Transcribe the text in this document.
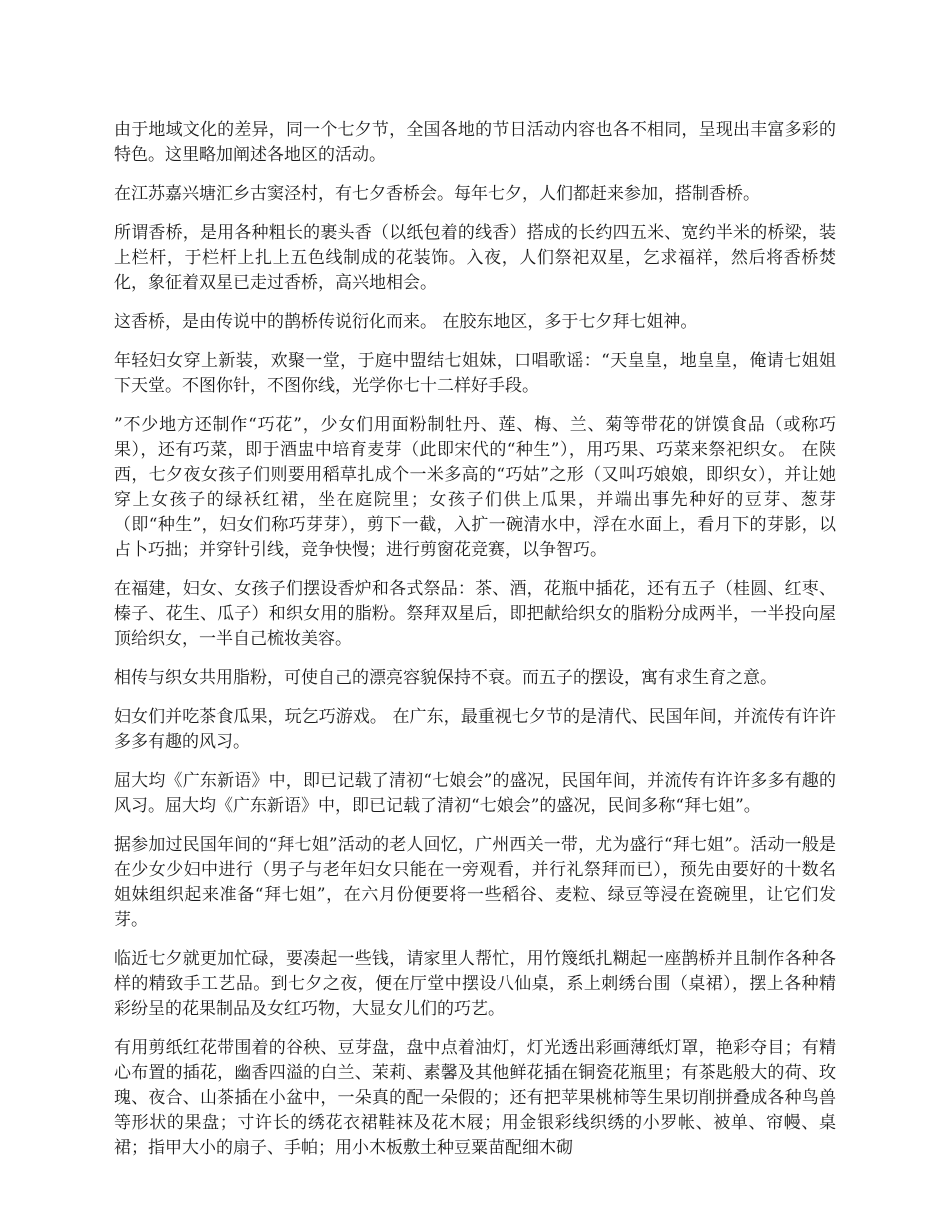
由于地域文化的差异，同一个七夕节，全国各地的节日活动内容也各不相同，呈现出丰富多彩的特色。这里略加阐述各地区的活动。

在江苏嘉兴塘汇乡古窦泾村，有七夕香桥会。每年七夕，人们都赶来参加，搭制香桥。

所谓香桥，是用各种粗长的裹头香（以纸包着的线香）搭成的长约四五米、宽约半米的桥梁，装上栏杆，于栏杆上扎上五色线制成的花装饰。入夜，人们祭祀双星，乞求福祥，然后将香桥焚化，象征着双星已走过香桥，高兴地相会。

这香桥，是由传说中的鹊桥传说衍化而来。 在胶东地区，多于七夕拜七姐神。

年轻妇女穿上新装，欢聚一堂，于庭中盟结七姐妹，口唱歌谣：“天皇皇，地皇皇，俺请七姐姐下天堂。不图你针，不图你线，光学你七十二样好手段。

”不少地方还制作“巧花”，少女们用面粉制牡丹、莲、梅、兰、菊等带花的饼馍食品（或称巧果），还有巧菜，即于酒盅中培育麦芽（此即宋代的“种生”），用巧果、巧菜来祭祀织女。 在陕西，七夕夜女孩子们则要用稻草扎成个一米多高的“巧姑”之形（又叫巧娘娘，即织女），并让她穿上女孩子的绿袄红裙，坐在庭院里；女孩子们供上瓜果，并端出事先种好的豆芽、葱芽（即“种生”，妇女们称巧芽芽），剪下一截，入扩一碗清水中，浮在水面上，看月下的芽影，以占卜巧拙；并穿针引线，竞争快慢；进行剪窗花竞赛，以争智巧。

在福建，妇女、女孩子们摆设香炉和各式祭品：茶、酒，花瓶中插花，还有五子（桂圆、红枣、榛子、花生、瓜子）和织女用的脂粉。祭拜双星后，即把献给织女的脂粉分成两半，一半投向屋顶给织女，一半自己梳妆美容。

相传与织女共用脂粉，可使自己的漂亮容貌保持不衰。而五子的摆设，寓有求生育之意。

妇女们并吃茶食瓜果，玩乞巧游戏。 在广东，最重视七夕节的是清代、民国年间，并流传有许许多多有趣的风习。

屈大均《广东新语》中，即已记载了清初“七娘会”的盛况，民国年间，并流传有许许多多有趣的风习。屈大均《广东新语》中，即已记载了清初“七娘会”的盛况，民间多称“拜七姐”。

据参加过民国年间的“拜七姐”活动的老人回忆，广州西关一带，尤为盛行“拜七姐”。活动一般是在少女少妇中进行（男子与老年妇女只能在一旁观看，并行礼祭拜而已），预先由要好的十数名姐妹组织起来准备“拜七姐”，在六月份便要将一些稻谷、麦粒、绿豆等浸在瓷碗里，让它们发芽。

临近七夕就更加忙碌，要凑起一些钱，请家里人帮忙，用竹篾纸扎糊起一座鹊桥并且制作各种各样的精致手工艺品。到七夕之夜，便在厅堂中摆设八仙桌，系上刺绣台围（桌裙），摆上各种精彩纷呈的花果制品及女红巧物，大显女儿们的巧艺。

有用剪纸红花带围着的谷秧、豆芽盘，盘中点着油灯，灯光透出彩画薄纸灯罩，艳彩夺目；有精心布置的插花，幽香四溢的白兰、茉莉、素馨及其他鲜花插在铜瓷花瓶里；有茶匙般大的荷、玫瑰、夜合、山茶插在小盆中，一朵真的配一朵假的；还有把苹果桃柿等生果切削拼叠成各种鸟兽等形状的果盘；寸许长的绣花衣裙鞋袜及花木屐；用金银彩线织绣的小罗帐、被单、帘幔、桌裙；指甲大小的扇子、手帕；用小木板敷土种豆粟苗配细木砌
